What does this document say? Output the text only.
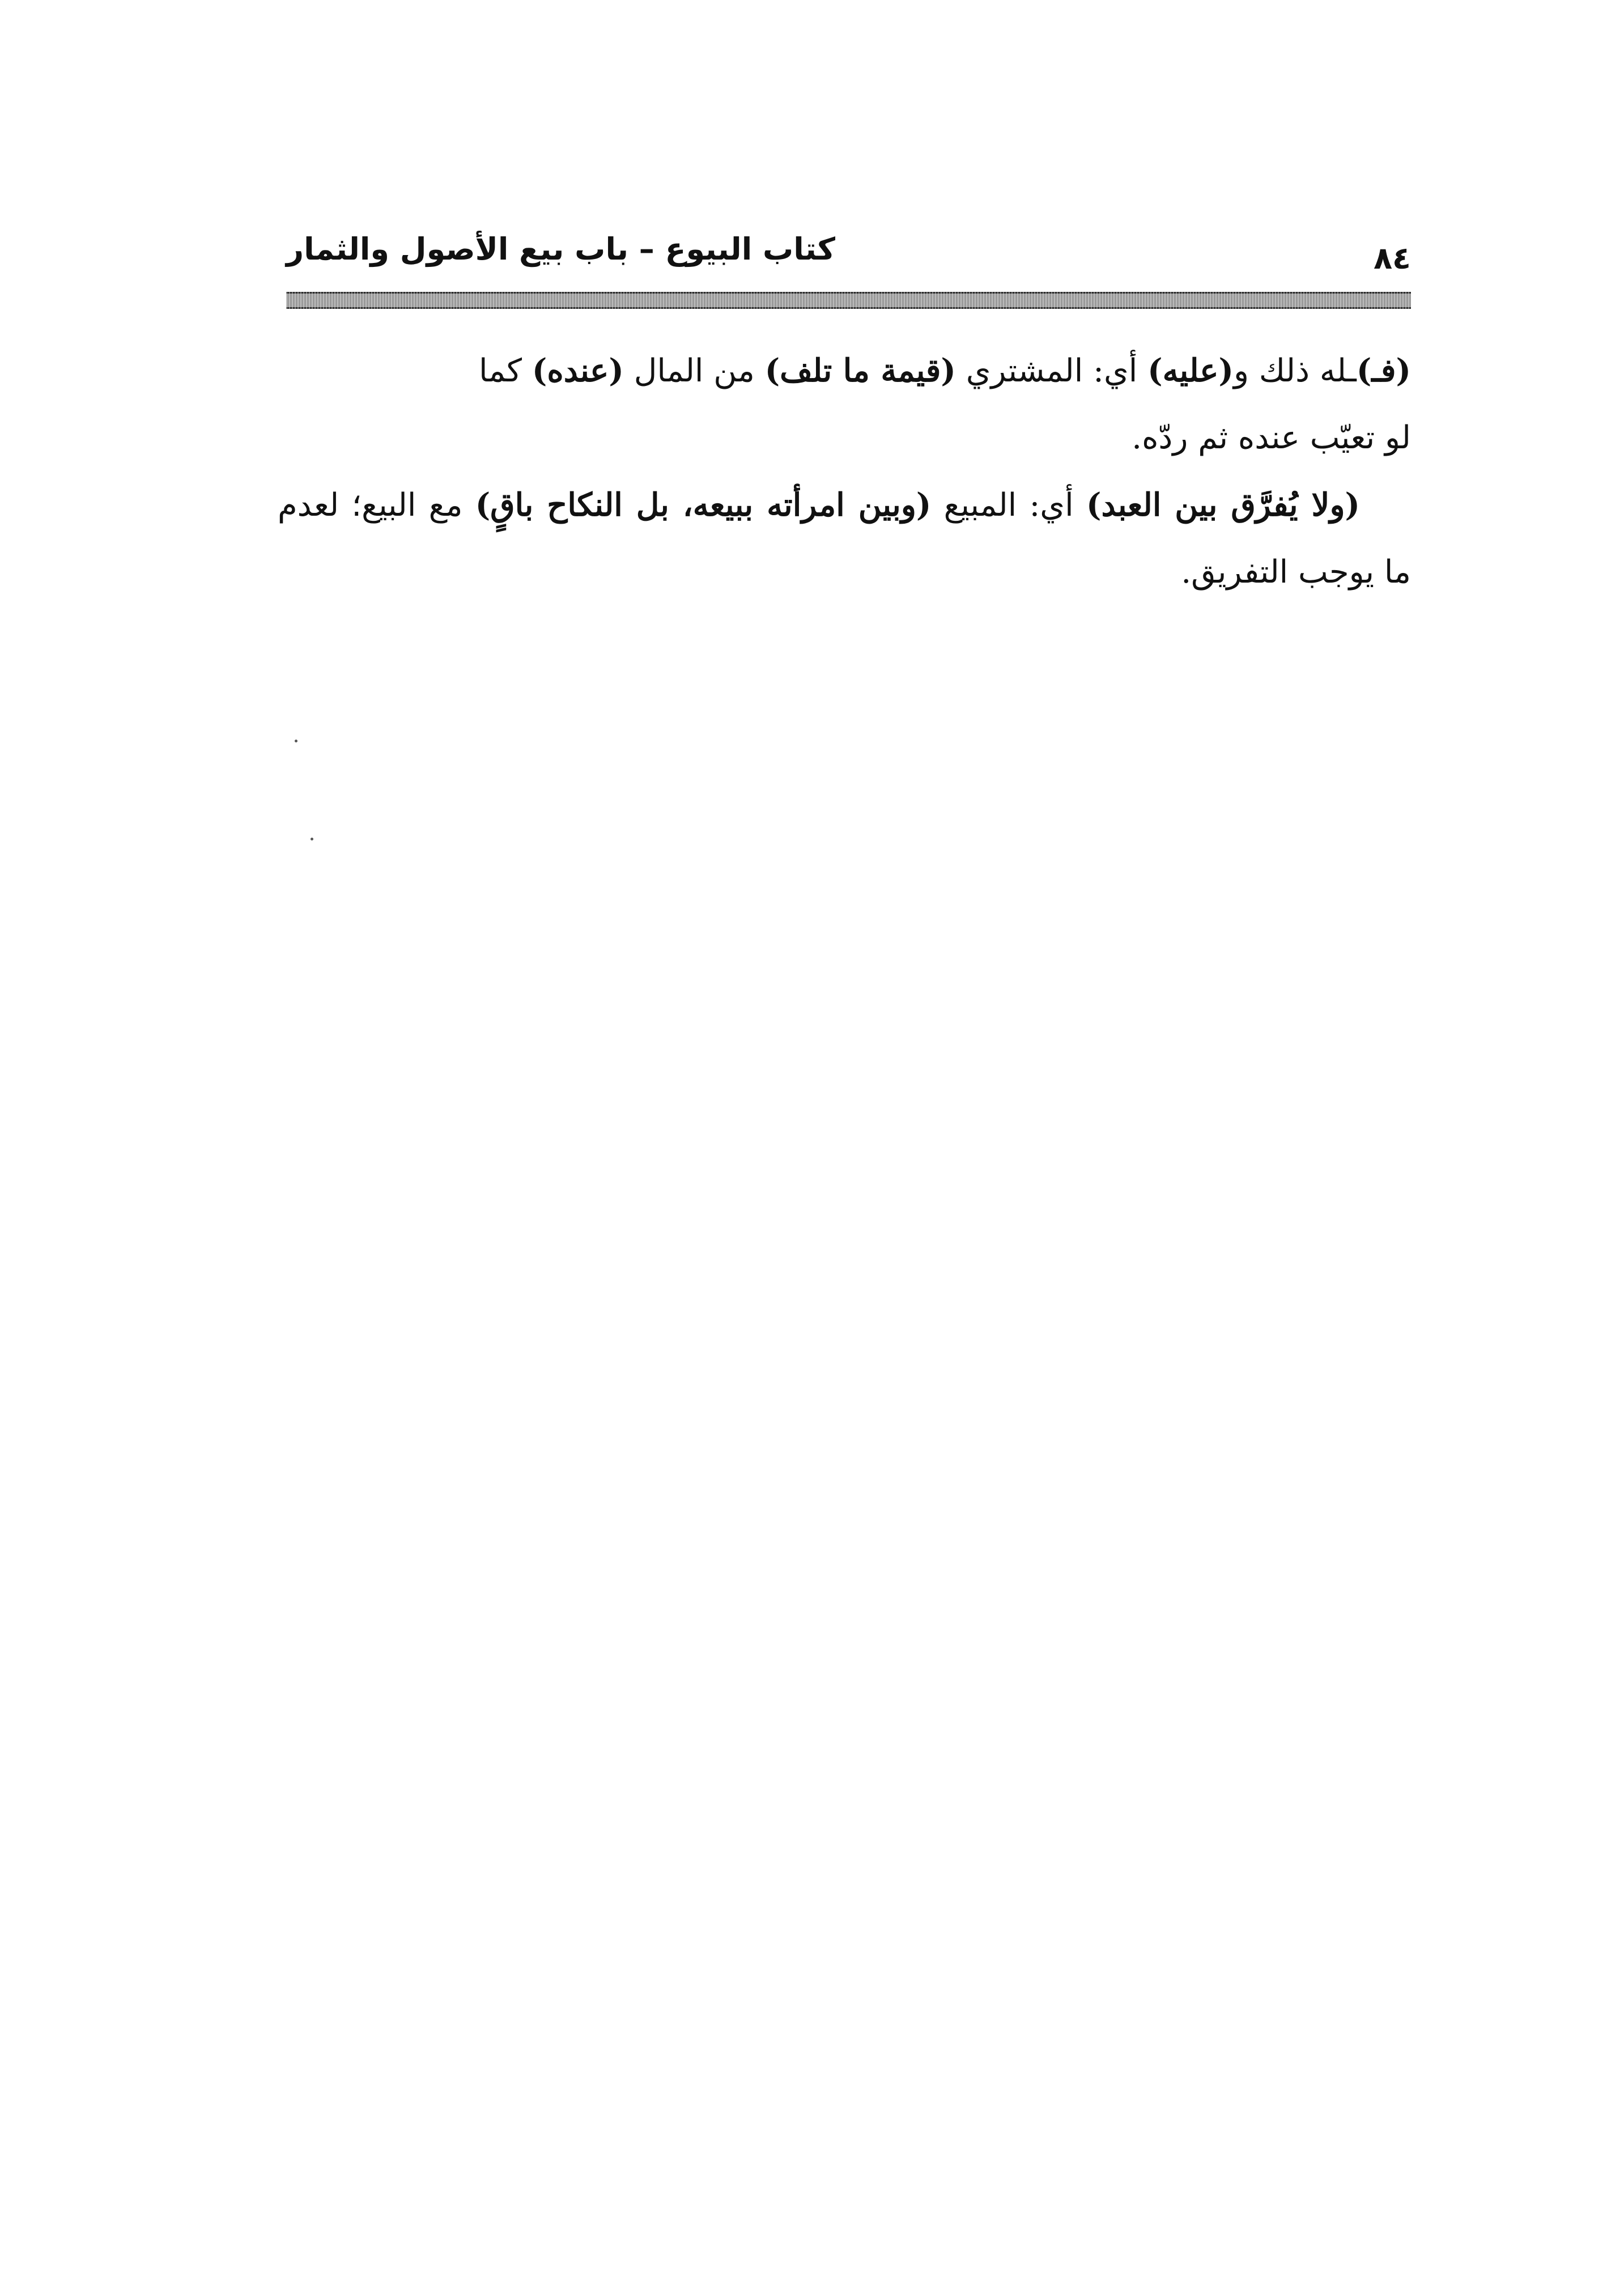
كتاب البيوع – باب بيع الأصول والثمار	٨٤

(فـ)ـله ذلك و(عليه) أي: المشتري (قيمة ما تلف) من المال (عنده) كما
لو تعيّب عنده ثم ردّه.

(ولا يُفرَّق بين العبد) أي: المبيع (وبين امرأته ببيعه، بل النكاح باقٍ) مع البيع؛ لعدم ما يوجب التفريق.
